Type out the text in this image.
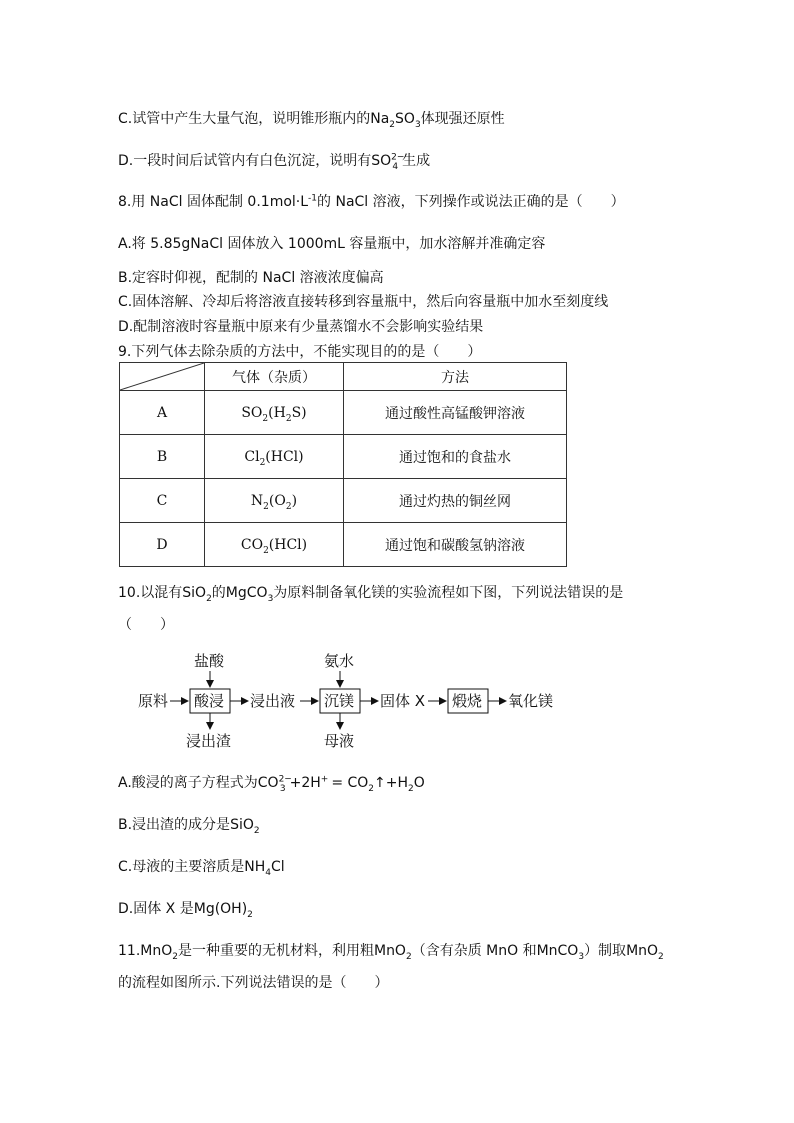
C.试管中产生大量气泡，说明锥形瓶内的$Na_2SO_3$体现强还原性
D.一段时间后试管内有白色沉淀，说明有$SO^{2-}_4$ 生成
8.用 NaCl 固体配制 $0.1mol\cdot L^{-1}$的 NaCl 溶液，下列操作或说法正确的是（　　）
A.将 5.85gNaCl 固体放入 1000mL 容量瓶中，加水溶解并准确定容
B.定容时仰视，配制的 NaCl 溶液浓度偏高
C.固体溶解、冷却后将溶液直接转移到容量瓶中，然后向容量瓶中加水至刻度线
D.配制溶液时容量瓶中原来有少量蒸馏水不会影响实验结果
9.下列气体去除杂质的方法中，不能实现目的的是（　　）
	气体（杂质）	方法
A	$SO_2(H_2S)$	通过酸性高锰酸钾溶液
B	$Cl_2(HCl)$	通过饱和的食盐水
C	$N_2(O_2)$	通过灼热的铜丝网
D	$CO_2(HCl)$	通过饱和碳酸氢钠溶液
10.以混有SiO$_2$的MgCO$_3$为原料制备氧化镁的实验流程如下图，下列说法错误的是
（　　）
原料 酸浸
盐酸
浸出渣
浸出液 沉镁
氨水
母液
固体 X 煅烧 氧化镁
A.酸浸的离子方程式为$CO^{2-}_3 +2H^+$ = $CO_2↑+H_2O$
B.浸出渣的成分是SiO$_2$
C.母液的主要溶质是$NH_4Cl$
D.固体 X 是$Mg(OH)_2$
11.MnO$_2$是一种重要的无机材料，利用粗MnO$_2$（含有杂质 MnO 和MnCO$_3$）制取MnO$_2$
的流程如图所示.下列说法错误的是（　　）
